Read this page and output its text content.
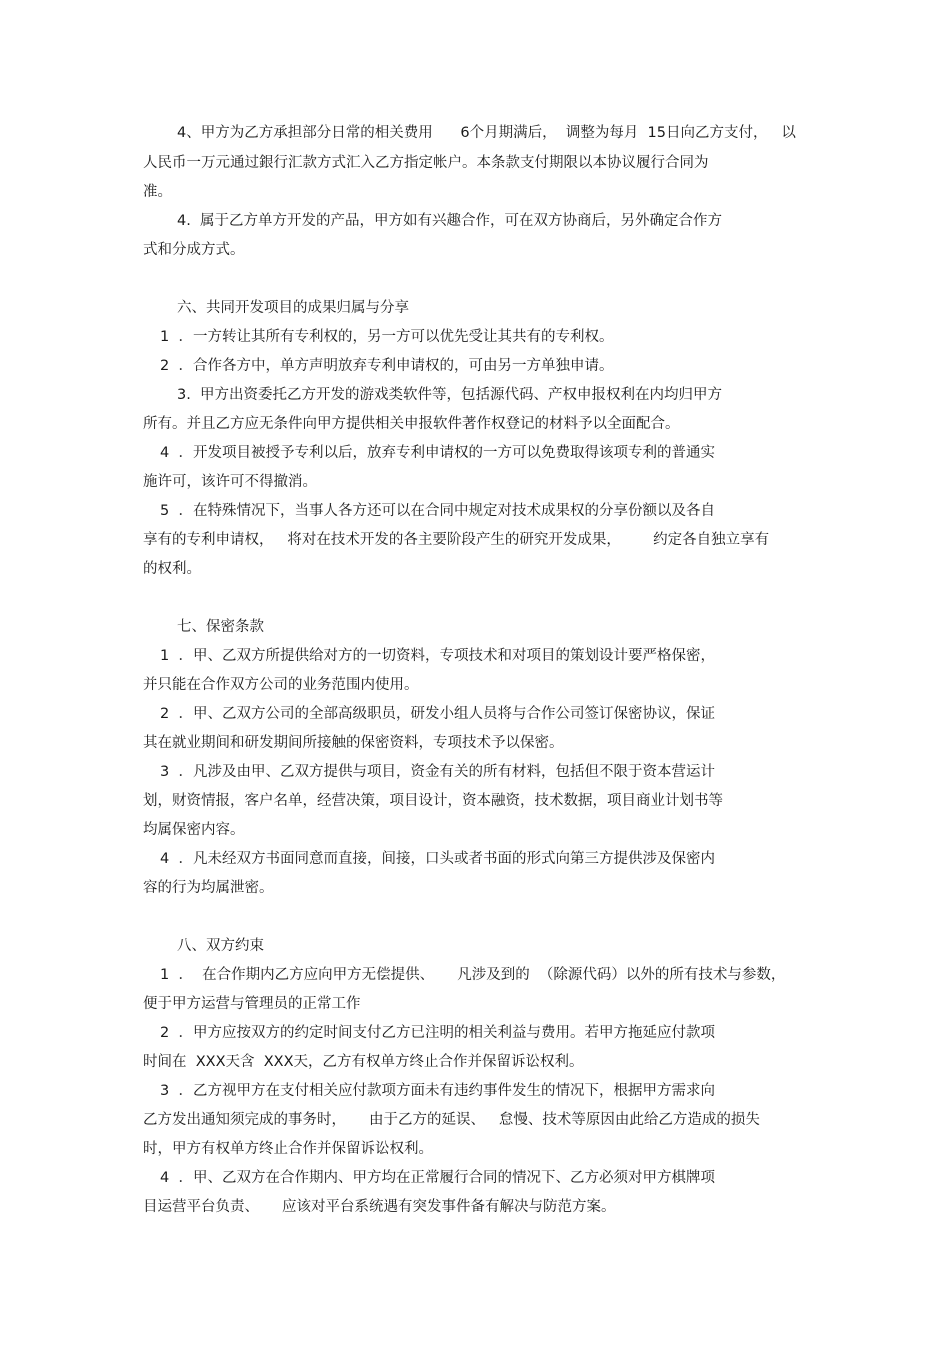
4、甲方为乙方承担部分日常的相关费用      6个月期满后，  调整为每月  15日向乙方支付，   以
人民币一万元通过銀行汇款方式汇入乙方指定帐户。本条款支付期限以本协议履行合同为
准。
4.  属于乙方单方开发的产品，甲方如有兴趣合作，可在双方协商后，另外确定合作方
式和分成方式。
六、共同开发项目的成果归属与分享
1  ．一方转让其所有专利权的，另一方可以优先受让其共有的专利权。
2  ．合作各方中，单方声明放弃专利申请权的，可由另一方单独申请。
3.  甲方出资委托乙方开发的游戏类软件等，包括源代码、产权申报权利在内均归甲方
所有。并且乙方应无条件向甲方提供相关申报软件著作权登记的材料予以全面配合。
4  ．开发项目被授予专利以后，放弃专利申请权的一方可以免费取得该项专利的普通实
施许可，该许可不得撤消。
5  ．在特殊情况下，当事人各方还可以在合同中规定对技术成果权的分享份额以及各自
享有的专利申请权，   将对在技术开发的各主要阶段产生的研究开发成果，       约定各自独立享有
的权利。
七、保密条款
1  ．甲、乙双方所提供给对方的一切资料，专项技术和对项目的策划设计要严格保密，
并只能在合作双方公司的业务范围内使用。
2  ．甲、乙双方公司的全部高级职员，研发小组人员将与合作公司签订保密协议，保证
其在就业期间和研发期间所接触的保密资料，专项技术予以保密。
3  ．凡涉及由甲、乙双方提供与项目，资金有关的所有材料，包括但不限于资本营运计
划，财资情报，客户名单，经营决策，项目设计，资本融资，技术数据，项目商业计划书等
均属保密内容。
4  ．凡未经双方书面同意而直接，间接，口头或者书面的形式向第三方提供涉及保密内
容的行为均属泄密。
八、双方约束
1  ．  在合作期内乙方应向甲方无偿提供、     凡涉及到的  （除源代码）以外的所有技术与参数，
便于甲方运营与管理员的正常工作
2  ．甲方应按双方的约定时间支付乙方已注明的相关利益与费用。若甲方拖延应付款项
时间在  XXX天含  XXX天，乙方有权单方终止合作并保留诉讼权利。
3  ．乙方视甲方在支付相关应付款项方面未有违约事件发生的情况下，根据甲方需求向
乙方发出通知须完成的事务时，     由于乙方的延误、   怠慢、技术等原因由此给乙方造成的损失
时，甲方有权单方终止合作并保留诉讼权利。
4  ．甲、乙双方在合作期内、甲方均在正常履行合同的情况下、乙方必须对甲方棋牌项
目运营平台负责、     应该对平台系统遇有突发事件备有解决与防范方案。
